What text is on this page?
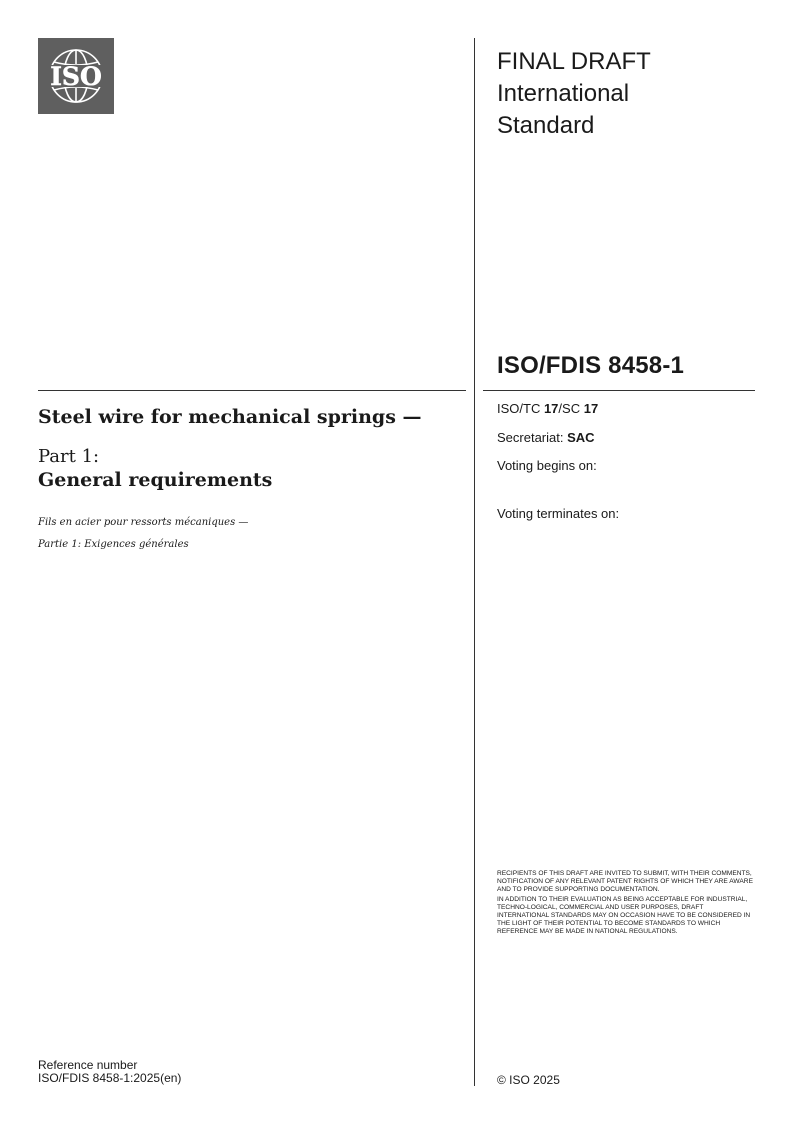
ISO
FINAL DRAFT
International
Standard
ISO/FDIS 8458-1
Steel wire for mechanical springs —
Part 1:
General requirements
Fils en acier pour ressorts mécaniques —
Partie 1: Exigences générales
ISO/TC 17/SC 17
Secretariat: SAC
Voting begins on:
Voting terminates on:

RECIPIENTS OF THIS DRAFT ARE INVITED TO SUBMIT, WITH THEIR COMMENTS, NOTIFICATION OF ANY RELEVANT PATENT RIGHTS OF WHICH THEY ARE AWARE AND TO PROVIDE SUPPORTING DOCUMENTATION.

IN ADDITION TO THEIR EVALUATION AS BEING ACCEPTABLE FOR INDUSTRIAL, TECHNO-LOGICAL, COMMERCIAL AND USER PURPOSES, DRAFT INTERNATIONAL STANDARDS MAY ON OCCASION HAVE TO BE CONSIDERED IN THE LIGHT OF THEIR POTENTIAL TO BECOME STANDARDS TO WHICH REFERENCE MAY BE MADE IN NATIONAL REGULATIONS.

Reference number
ISO/FDIS 8458-1:2025(en)	© ISO 2025
